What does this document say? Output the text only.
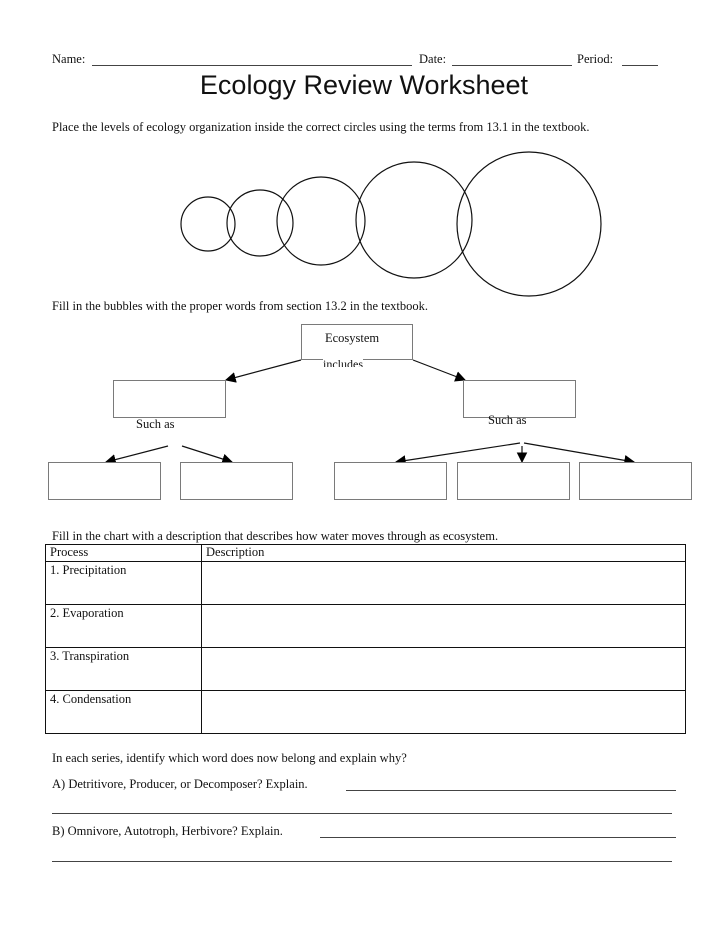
Name:	Date:	Period:
Ecology Review Worksheet
Place the levels of ecology organization inside the correct circles using the terms from 13.1 in the textbook.
Fill in the bubbles with the proper words from section 13.2 in the textbook.
Ecosystem
includes
Such as	Such as
Fill in the chart with a description that describes how water moves through as ecosystem.
Process	Description
1. Precipitation	
2. Evaporation	
3. Transpiration	
4. Condensation	
In each series, identify which word does now belong and explain why?
A) Detritivore, Producer, or Decomposer? Explain.
B) Omnivore, Autotroph, Herbivore? Explain.
